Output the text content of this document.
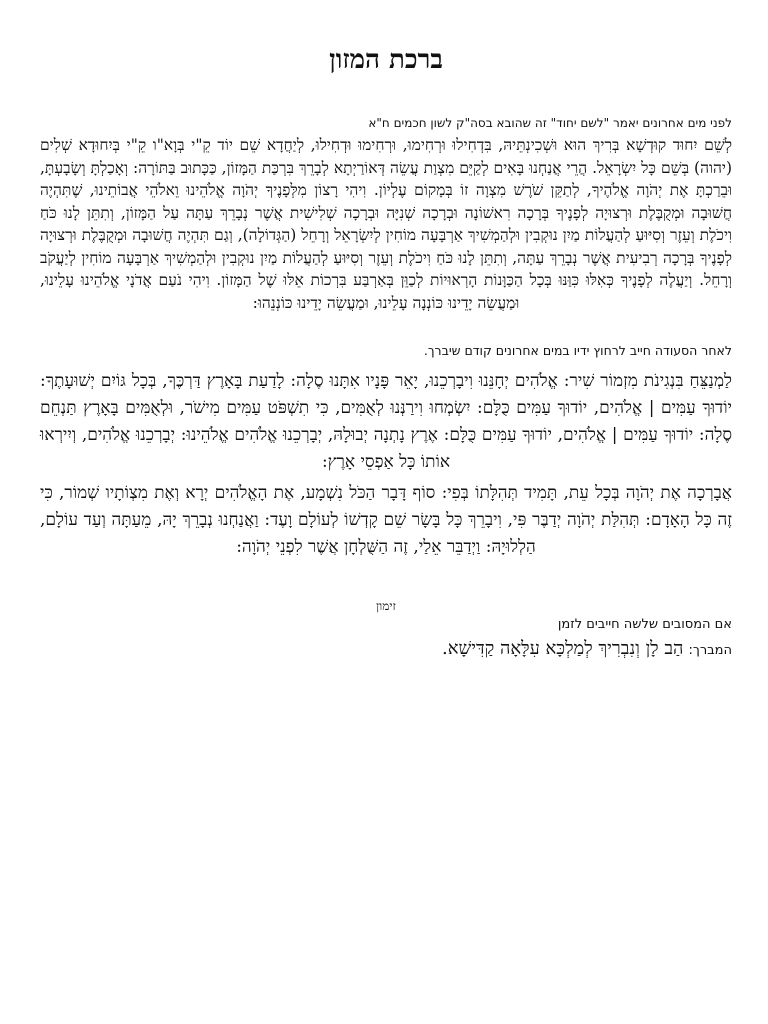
ברכת המזון

לפני מים אחרונים יאמר "לשם יחוד" זה שהובא בסה"ק לשון חכמים ח"א

לְשֵׁם יִחוּד קוּדְשָׁא בְּרִיךְ הוּא וּשְׁכִינְתֵּיהּ, בִּדְחִילוּ וּרְחִימוּ, וּרְחִימוּ וּדְחִילוּ, לְיַחֲדָא שֵׁם יוֹד קֵ"י בְּוָא"ו קֵ"י בְּיִחוּדָא שְׁלִים (יהוה) בְּשֵׁם כָּל יִשְׂרָאֵל. הֲרֵי אֲנַחְנוּ בָּאִים לְקַיֵּם מִצְוַת עֲשֵׂה דְּאוֹרַיְתָא לְבָרֵךְ בִּרְכַּת הַמָּזוֹן, כַּכָּתוּב בַּתּוֹרָה: וְאָכַלְתָּ וְשָׂבָעְתָּ, וּבֵרַכְתָּ אֶת יְהֹוָה אֱלֹהֶיךָ, לְתַקֵּן שֹׁרֶשׁ מִצְוָה זוֹ בְּמָקוֹם עֶלְיוֹן. וִיהִי רָצוֹן מִלְּפָנֶיךָ יְהֹוָה אֱלֹהֵינוּ וֵאלֹהֵי אֲבוֹתֵינוּ, שֶׁתִּהְיֶה חֲשׁוּבָה וּמְקֻבֶּלֶת וּרְצוּיָה לְפָנֶיךָ בְּרָכָה רִאשׁוֹנָה וּבְרָכָה שְׁנִיָּה וּבְרָכָה שְׁלִישִׁית אֲשֶׁר נְבָרֵךְ עַתָּה עַל הַמָּזוֹן, וְתִתֵּן לָנוּ כֹּחַ וִיכֹלֶת וְעֵזֶר וְסִיּוּעַ לְהַעֲלוֹת מַיִן נוּקְבִין וּלְהַמְשִׁיךְ אַרְבָּעָה מוֹחִין לְיִשְׂרָאֵל וְרָחֵל (הַגְּדוֹלָה), וְגַם תִּהְיֶה חֲשׁוּבָה וּמְקֻבֶּלֶת וּרְצוּיָה לְפָנֶיךָ בְּרָכָה רְבִיעִית אֲשֶׁר נְבָרֵךְ עַתָּה, וְתִתֵּן לָנוּ כֹּחַ וִיכֹלֶת וְעֵזֶר וְסִיּוּעַ לְהַעֲלוֹת מַיִן נוּקְבִין וּלְהַמְשִׁיךְ אַרְבָּעָה מוֹחִין לְיַעֲקֹב וְרָחֵל. וְיַעֲלֶה לְפָנֶיךָ כְּאִלּוּ כִּוַּנּוּ בְּכָל הַכַּוָּנוֹת הָרְאוּיוֹת לְכַוֵּן בְּאַרְבַּע בִּרְכוֹת אֵלּוּ שֶׁל הַמָּזוֹן. וִיהִי נֹעַם אֲדֹנָי אֱלֹהֵינוּ עָלֵינוּ, וּמַעֲשֵׂה יָדֵינוּ כּוֹנְנָה עָלֵינוּ, וּמַעֲשֵׂה יָדֵינוּ כּוֹנְנֵהוּ:

לאחר הסעודה חייב לרחוץ ידיו במים אחרונים קודם שיברך.

לַמְנַצֵּחַ בִּנְגִינֹת מִזְמוֹר שִׁיר: אֱלֹהִים יְחָנֵּנוּ וִיבָרְכֵנוּ, יָאֵר פָּנָיו אִתָּנוּ סֶלָה: לָדַעַת בָּאָרֶץ דַּרְכֶּךָ, בְּכָל גּוֹיִם יְשׁוּעָתֶךָ: יוֹדוּךָ עַמִּים | אֱלֹהִים, יוֹדוּךָ עַמִּים כֻּלָּם: יִשְׂמְחוּ וִירַנְּנוּ לְאֻמִּים, כִּי תִשְׁפֹּט עַמִּים מִישֹׁר, וּלְאֻמִּים בָּאָרֶץ תַּנְחֵם סֶלָה: יוֹדוּךָ עַמִּים | אֱלֹהִים, יוֹדוּךָ עַמִּים כֻּלָּם: אֶרֶץ נָתְנָה יְבוּלָהּ, יְבָרְכֵנוּ אֱלֹהִים אֱלֹהֵינוּ: יְבָרְכֵנוּ אֱלֹהִים, וְיִירְאוּ אוֹתוֹ כָּל אַפְסֵי אָרֶץ:

אֲבָרְכָה אֶת יְהֹוָה בְּכָל עֵת, תָּמִיד תְּהִלָּתוֹ בְּפִי: סוֹף דָּבָר הַכֹּל נִשְׁמָע, אֶת הָאֱלֹהִים יְרָא וְאֶת מִצְוֹתָיו שְׁמוֹר, כִּי זֶה כָּל הָאָדָם: תְּהִלַּת יְהֹוָה יְדַבֶּר פִּי, וִיבָרֵךְ כָּל בָּשָׂר שֵׁם קָדְשׁוֹ לְעוֹלָם וָעֶד: וַאֲנַחְנוּ נְבָרֵךְ יָהּ, מֵעַתָּה וְעַד עוֹלָם, הַלְלוּיָהּ: וַיְדַבֵּר אֵלַי, זֶה הַשֻּׁלְחָן אֲשֶׁר לִפְנֵי יְהֹוָה:

זימון

אם המסובים שלשה חייבים לזמן

המברך: הַב לָן וְנִבְרִיךְ לְמַלְכָּא עִלָּאָה קַדִּישָׁא.
